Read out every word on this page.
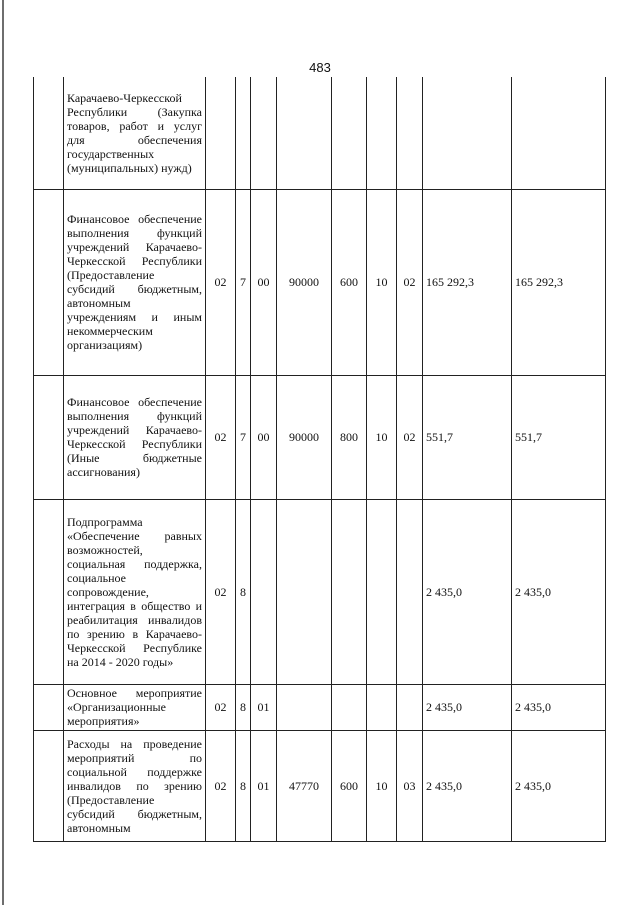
483
	Карачаево-Черкесской Республики (Закупка товаров, работ и услуг для обеспечения государственных (муниципальных) нужд)									
	Финансовое обеспечение выполнения функций учреждений Карачаево-Черкесской Республики (Предоставление субсидий бюджетным, автономным учреждениям и иным некоммерческим организациям)	02	7	00	90000	600	10	02	165 292,3	165 292,3
	Финансовое обеспечение выполнения функций учреждений Карачаево-Черкесской Республики (Иные бюджетные ассигнования)	02	7	00	90000	800	10	02	551,7	551,7
	Подпрограмма «Обеспечение равных возможностей, социальная поддержка, социальное сопровождение, интеграция в общество и реабилитация инвалидов по зрению в Карачаево-Черкесской Республике на 2014 - 2020 годы»	02	8						2 435,0	2 435,0
	Основное мероприятие «Организационные мероприятия»	02	8	01					2 435,0	2 435,0
	Расходы на проведение мероприятий по социальной поддержке инвалидов по зрению (Предоставление субсидий бюджетным, автономным	02	8	01	47770	600	10	03	2 435,0	2 435,0
